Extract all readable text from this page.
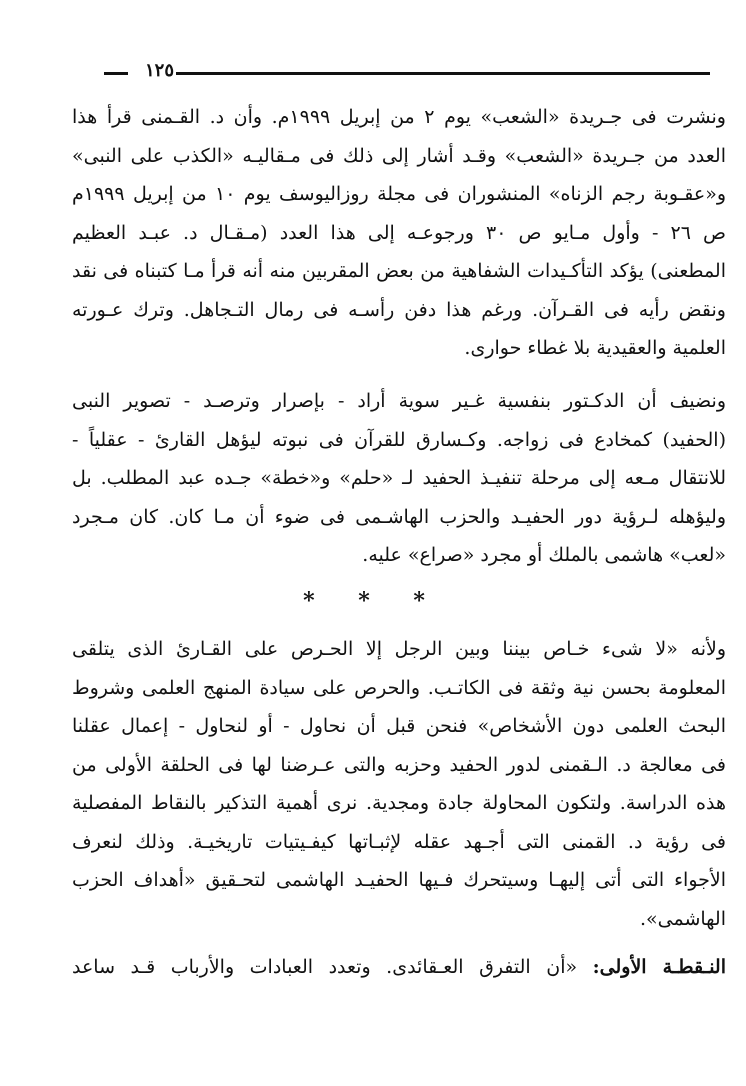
١٢٥
ونشرت فى جـريدة «الشعب» يوم ٢ من إبريل ١٩٩٩م. وأن د. القـمنى قرأ هذا
العدد من جـريدة «الشعب» وقـد أشار إلى ذلك فى مـقاليـه «الكذب على النبى»
و«عقـوبة رجم الزناه» المنشوران فى مجلة روزاليوسف يوم ١٠ من إبريل ١٩٩٩م
ص ٢٦ - وأول مـايو ص ٣٠ ورجوعـه إلى هذا العدد (مـقـال د. عبـد العظيم
المطعنى) يؤكد التأكـيدات الشفاهية من بعض المقربين منه أنه قرأ مـا كتبناه فى نقد
ونقض رأيه فى القـرآن. ورغم هذا دفن رأسـه فى رمال التـجاهل. وترك عـورته
العلمية والعقيدية بلا غطاء حوارى.
ونضيف أن الدكـتور بنفسية غـير سوية أراد - بإصرار وترصـد - تصوير النبى
(الحفيد) كمخادع فى زواجه. وكـسارق للقرآن فى نبوته ليؤهل القارئ - عقلياً -
للانتقال مـعه إلى مرحلة تنفيـذ الحفيد لـ «حلم» و«خطة» جـده عبد المطلب. بل
وليؤهله لـرؤية دور الحفيـد والحزب الهاشـمى فى ضوء أن مـا كان. كان مـجرد
«لعب» هاشمى بالملك أو مجرد «صراع» عليه.
* * *
ولأنه «لا شىء خـاص بيننا وبين الرجل إلا الحـرص على القـارئ الذى يتلقى
المعلومة بحسن نية وثقة فى الكاتـب. والحرص على سيادة المنهج العلمى وشروط
البحث العلمى دون الأشخاص» فنحن قبل أن نحاول - أو لنحاول - إعمال عقلنا
فى معالجة د. الـقمنى لدور الحفيد وحزبه والتى عـرضنا لها فى الحلقة الأولى من
هذه الدراسة. ولتكون المحاولة جادة ومجدية. نرى أهمية التذكير بالنقاط المفصلية
فى رؤية د. القمنى التى أجـهد عقله لإثبـاتها كيفـيتيات تاريخيـة. وذلك لنعرف
الأجواء التى أتى إليهـا وسيتحرك فـيها الحفيـد الهاشمى لتحـقيق «أهداف الحزب
الهاشمى».
النـقطـة الأولى: «أن التفرق العـقائدى. وتعدد العبادات والأرباب قـد ساعد
